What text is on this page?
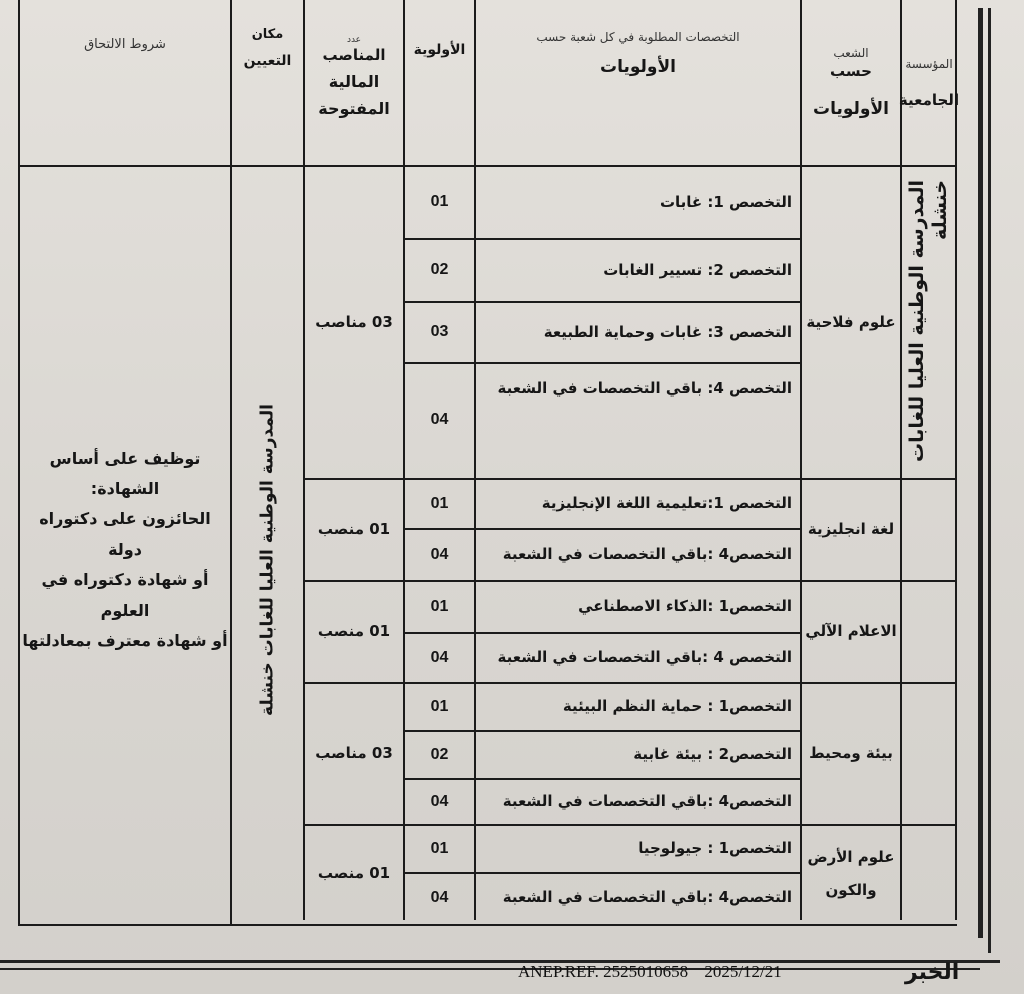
المؤسسة
الجامعية
الشعب
حسب
الأولويات
التخصصات المطلوبة في كل شعبة حسب
الأولويات
الأولوية
عدد
المناصب
المالية
المفتوحة
مكان
التعيين
شروط الالتحاق
المدرسة الوطنية العليا للغابات خنشلة
المدرسة الوطنية العليا للغابات خنشلة
توظيف على أساس
الشهادة:
الحائزون على دكتوراه دولة
أو شهادة دكتوراه في العلوم
أو شهادة معترف بمعادلتها
علوم فلاحية
03 مناصب
التخصص 1: غابات
01
التخصص 2: تسيير الغابات
02
التخصص 3: غابات وحماية الطبيعة
03
التخصص 4: باقي التخصصات في الشعبة
04
لغة انجليزية
01 منصب
التخصص 1:تعليمية اللغة الإنجليزية
01
التخصص4 :باقي التخصصات في الشعبة
04
الاعلام الآلي
01 منصب
التخصص1 :الذكاء الاصطناعي
01
التخصص 4 :باقي التخصصات في الشعبة
04
بيئة ومحيط
03 مناصب
التخصص1 : حماية النظم البيئية
01
التخصص2 : بيئة غابية
02
التخصص4 :باقي التخصصات في الشعبة
04
علوم الأرض
والكون
01 منصب
التخصص1 : جيولوجيا
01
التخصص4 :باقي التخصصات في الشعبة
04
ANEP.REF. 2525010658 2025/12/21	الخبر
